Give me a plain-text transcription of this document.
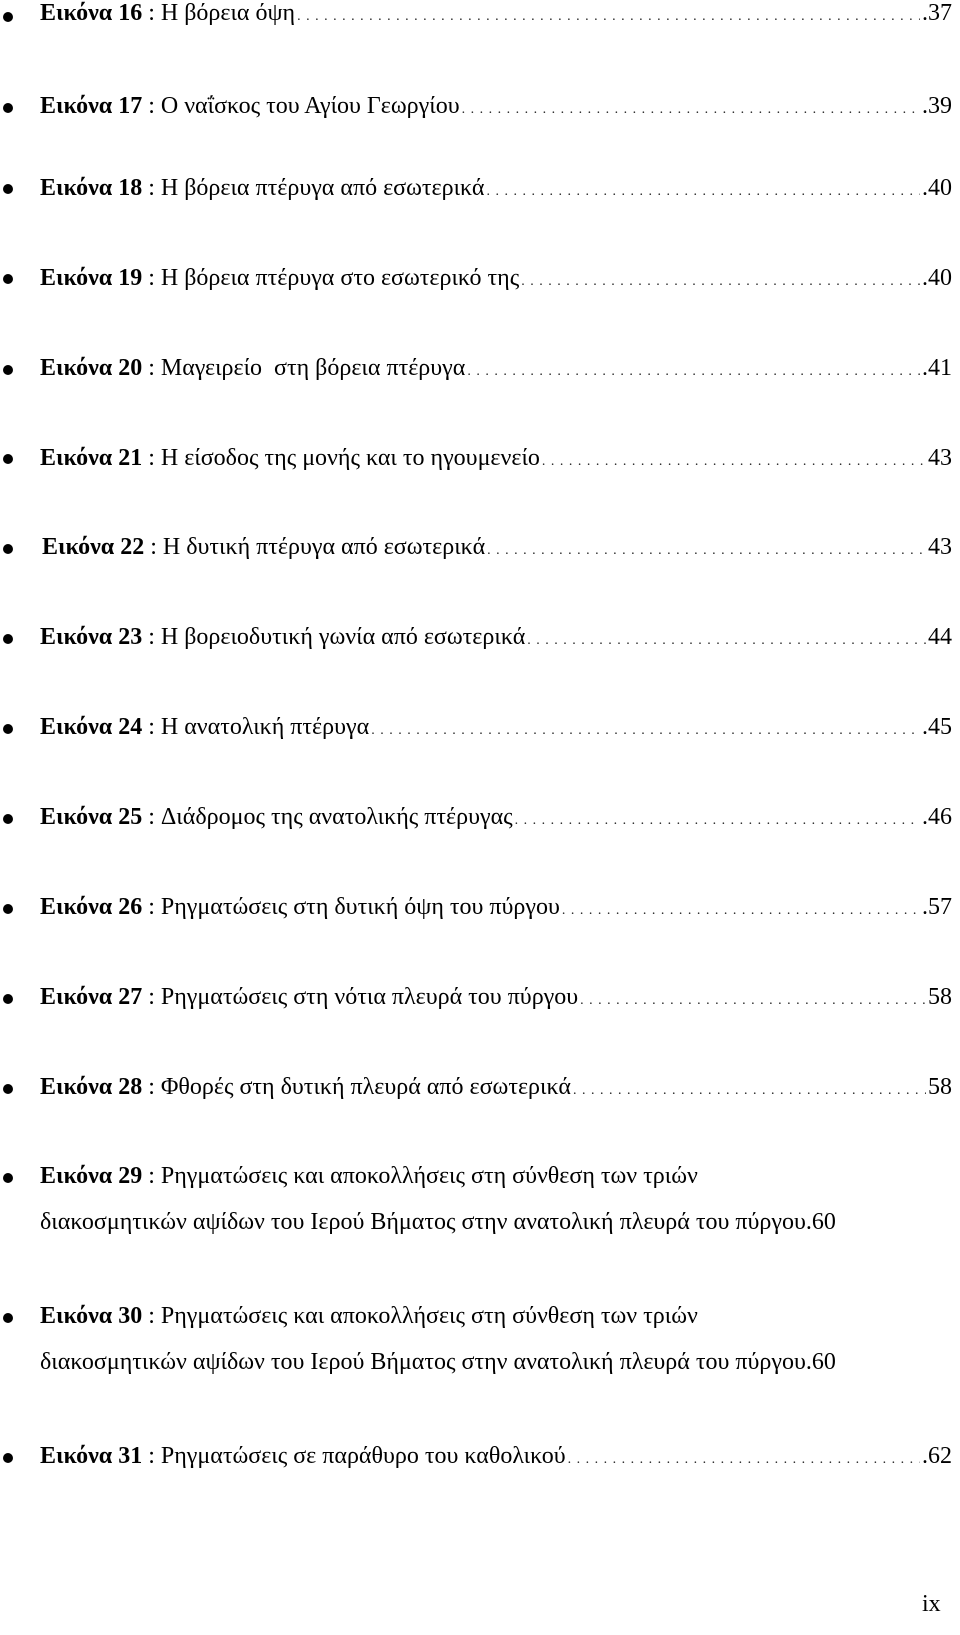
Εικόνα 16 : Η βόρεια όψη . . .	.37
Εικόνα 17 : Ο ναΐσκος του Αγίου Γεωργίου . . .	.39
Εικόνα 18 : Η βόρεια πτέρυγα από εσωτερικά . . .	.40
Εικόνα 19 : Η βόρεια πτέρυγα στο εσωτερικό της . . .	.40
Εικόνα 20 : Μαγειρείο  στη βόρεια πτέρυγα . . .	.41
Εικόνα 21 : Η είσοδος της μονής και το ηγουμενείο . . .	43
Εικόνα 22 : Η δυτική πτέρυγα από εσωτερικά . . .	43
Εικόνα 23 : Η βορειοδυτική γωνία από εσωτερικά . . .	44
Εικόνα 24 : Η ανατολική πτέρυγα . . .	.45
Εικόνα 25 : Διάδρομος της ανατολικής πτέρυγας . . .	.46
Εικόνα 26 : Ρηγματώσεις στη δυτική όψη του πύργου . . .	.57
Εικόνα 27 : Ρηγματώσεις στη νότια πλευρά του πύργου . . .	58
Εικόνα 28 : Φθορές στη δυτική πλευρά από εσωτερικά . . .	58
Εικόνα 29 : Ρηγματώσεις και αποκολλήσεις στη σύνθεση των τριών
διακοσμητικών αψίδων του Ιερού Βήματος στην ανατολική πλευρά του πύργου .60
Εικόνα 30 : Ρηγματώσεις και αποκολλήσεις στη σύνθεση των τριών
διακοσμητικών αψίδων του Ιερού Βήματος στην ανατολική πλευρά του πύργου .60
Εικόνα 31 : Ρηγματώσεις σε παράθυρο του καθολικού . . .	.62
ix
